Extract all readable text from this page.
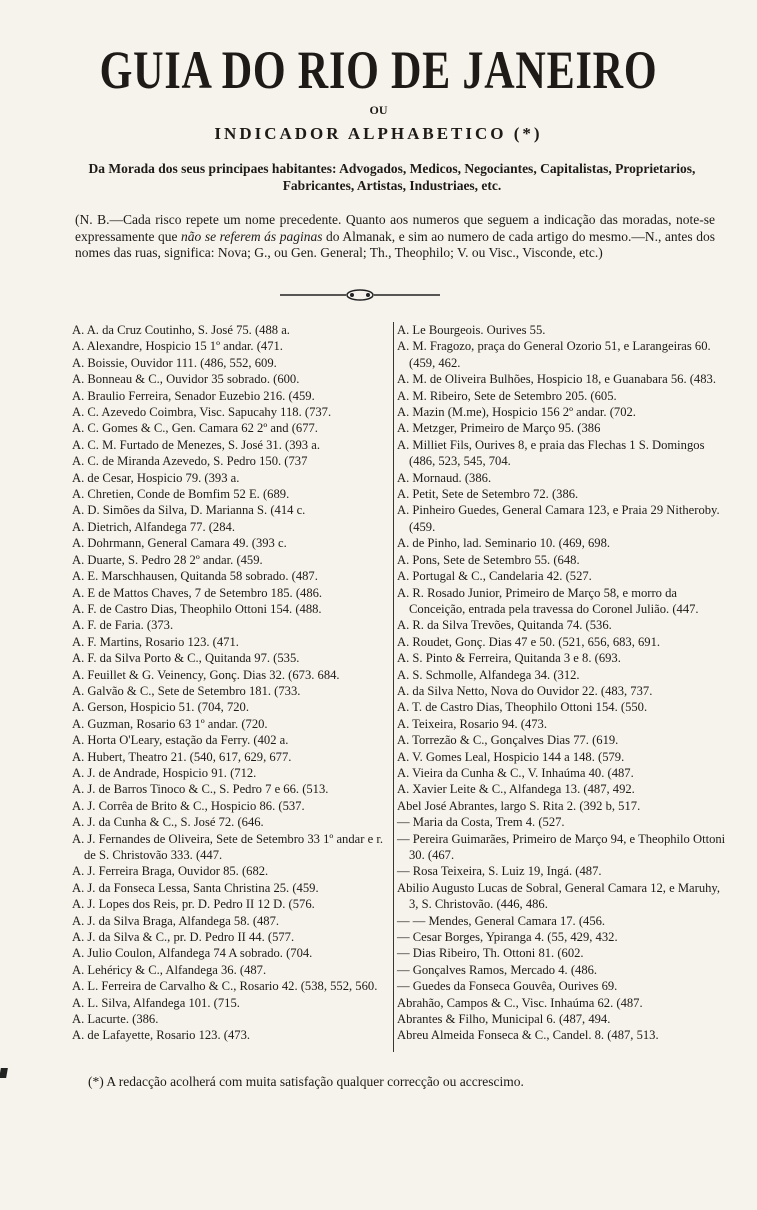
GUIA DO RIO DE JANEIRO
OU
INDICADOR ALPHABETICO (*)
Da Morada dos seus principaes habitantes: Advogados, Medicos, Negociantes, Capitalistas, Proprietarios, Fabricantes, Artistas, Industriaes, etc.
(N. B.—Cada risco repete um nome precedente. Quanto aos numeros que seguem a indicação das moradas, note-se expressamente que não se referem ás paginas do Almanak, e sim ao numero de cada artigo do mesmo.—N., antes dos nomes das ruas, significa: Nova; G., ou Gen. General; Th., Theophilo; V. ou Visc., Visconde, etc.)

A. A. da Cruz Coutinho, S. José 75. (488 a.

A. Alexandre, Hospicio 15 1º andar. (471.

A. Boissie, Ouvidor 111. (486, 552, 609.

A. Bonneau & C., Ouvidor 35 sobrado. (600.

A. Braulio Ferreira, Senador Euzebio 216. (459.

A. C. Azevedo Coimbra, Visc. Sapucahy 118. (737.

A. C. Gomes & C., Gen. Camara 62 2º and (677.

A. C. M. Furtado de Menezes, S. José 31. (393 a.

A. C. de Miranda Azevedo, S. Pedro 150. (737

A. de Cesar, Hospicio 79. (393 a.

A. Chretien, Conde de Bomfim 52 E. (689.

A. D. Simões da Silva, D. Marianna S. (414 c.

A. Dietrich, Alfandega 77. (284.

A. Dohrmann, General Camara 49. (393 c.

A. Duarte, S. Pedro 28 2º andar. (459.

A. E. Marschhausen, Quitanda 58 sobrado. (487.

A. E de Mattos Chaves, 7 de Setembro 185. (486.

A. F. de Castro Dias, Theophilo Ottoni 154. (488.

A. F. de Faria. (373.

A. F. Martins, Rosario 123. (471.

A. F. da Silva Porto & C., Quitanda 97. (535.

A. Feuillet & G. Veinency, Gonç. Dias 32. (673. 684.

A. Galvão & C., Sete de Setembro 181. (733.

A. Gerson, Hospicio 51. (704, 720.

A. Guzman, Rosario 63 1º andar. (720.

A. Horta O'Leary, estação da Ferry. (402 a.

A. Hubert, Theatro 21. (540, 617, 629, 677.

A. J. de Andrade, Hospicio 91. (712.

A. J. de Barros Tinoco & C., S. Pedro 7 e 66. (513.

A. J. Corrêa de Brito & C., Hospicio 86. (537.

A. J. da Cunha & C., S. José 72. (646.

A. J. Fernandes de Oliveira, Sete de Setembro 33 1º andar e r. de S. Christovão 333. (447.

A. J. Ferreira Braga, Ouvidor 85. (682.

A. J. da Fonseca Lessa, Santa Christina 25. (459.

A. J. Lopes dos Reis, pr. D. Pedro II 12 D. (576.

A. J. da Silva Braga, Alfandega 58. (487.

A. J. da Silva & C., pr. D. Pedro II 44. (577.

A. Julio Coulon, Alfandega 74 A sobrado. (704.

A. Lehéricy & C., Alfandega 36. (487.

A. L. Ferreira de Carvalho & C., Rosario 42. (538, 552, 560.

A. L. Silva, Alfandega 101. (715.

A. Lacurte. (386.

A. de Lafayette, Rosario 123. (473.

A. Le Bourgeois. Ourives 55.

A. M. Fragozo, praça do General Ozorio 51, e Larangeiras 60. (459, 462.

A. M. de Oliveira Bulhões, Hospicio 18, e Guanabara 56. (483.

A. M. Ribeiro, Sete de Setembro 205. (605.

A. Mazin (M.me), Hospicio 156 2º andar. (702.

A. Metzger, Primeiro de Março 95. (386

A. Milliet Fils, Ourives 8, e praia das Flechas 1 S. Domingos (486, 523, 545, 704.

A. Mornaud. (386.

A. Petit, Sete de Setembro 72. (386.

A. Pinheiro Guedes, General Camara 123, e Praia 29 Nitheroby. (459.

A. de Pinho, lad. Seminario 10. (469, 698.

A. Pons, Sete de Setembro 55. (648.

A. Portugal & C., Candelaria 42. (527.

A. R. Rosado Junior, Primeiro de Março 58, e morro da Conceição, entrada pela travessa do Coronel Julião. (447.

A. R. da Silva Trevões, Quitanda 74. (536.

A. Roudet, Gonç. Dias 47 e 50. (521, 656, 683, 691.

A. S. Pinto & Ferreira, Quitanda 3 e 8. (693.

A. S. Schmolle, Alfandega 34. (312.

A. da Silva Netto, Nova do Ouvidor 22. (483, 737.

A. T. de Castro Dias, Theophilo Ottoni 154. (550.

A. Teixeira, Rosario 94. (473.

A. Torrezão & C., Gonçalves Dias 77. (619.

A. V. Gomes Leal, Hospicio 144 a 148. (579.

A. Vieira da Cunha & C., V. Inhaúma 40. (487.

A. Xavier Leite & C., Alfandega 13. (487, 492.

Abel José Abrantes, largo S. Rita 2. (392 b, 517.

— Maria da Costa, Trem 4. (527.

— Pereira Guimarães, Primeiro de Março 94, e Theophilo Ottoni 30. (467.

— Rosa Teixeira, S. Luiz 19, Ingá. (487.

Abilio Augusto Lucas de Sobral, General Camara 12, e Maruhy, 3, S. Christovão. (446, 486.

— — Mendes, General Camara 17. (456.

— Cesar Borges, Ypiranga 4. (55, 429, 432.

— Dias Ribeiro, Th. Ottoni 81. (602.

— Gonçalves Ramos, Mercado 4. (486.

— Guedes da Fonseca Gouvêa, Ourives 69.

Abrahão, Campos & C., Visc. Inhaúma 62. (487.

Abrantes & Filho, Municipal 6. (487, 494.

Abreu Almeida Fonseca & C., Candel. 8. (487, 513.

(*) A redacção acolherá com muita satisfação qualquer correcção ou accrescimo.
